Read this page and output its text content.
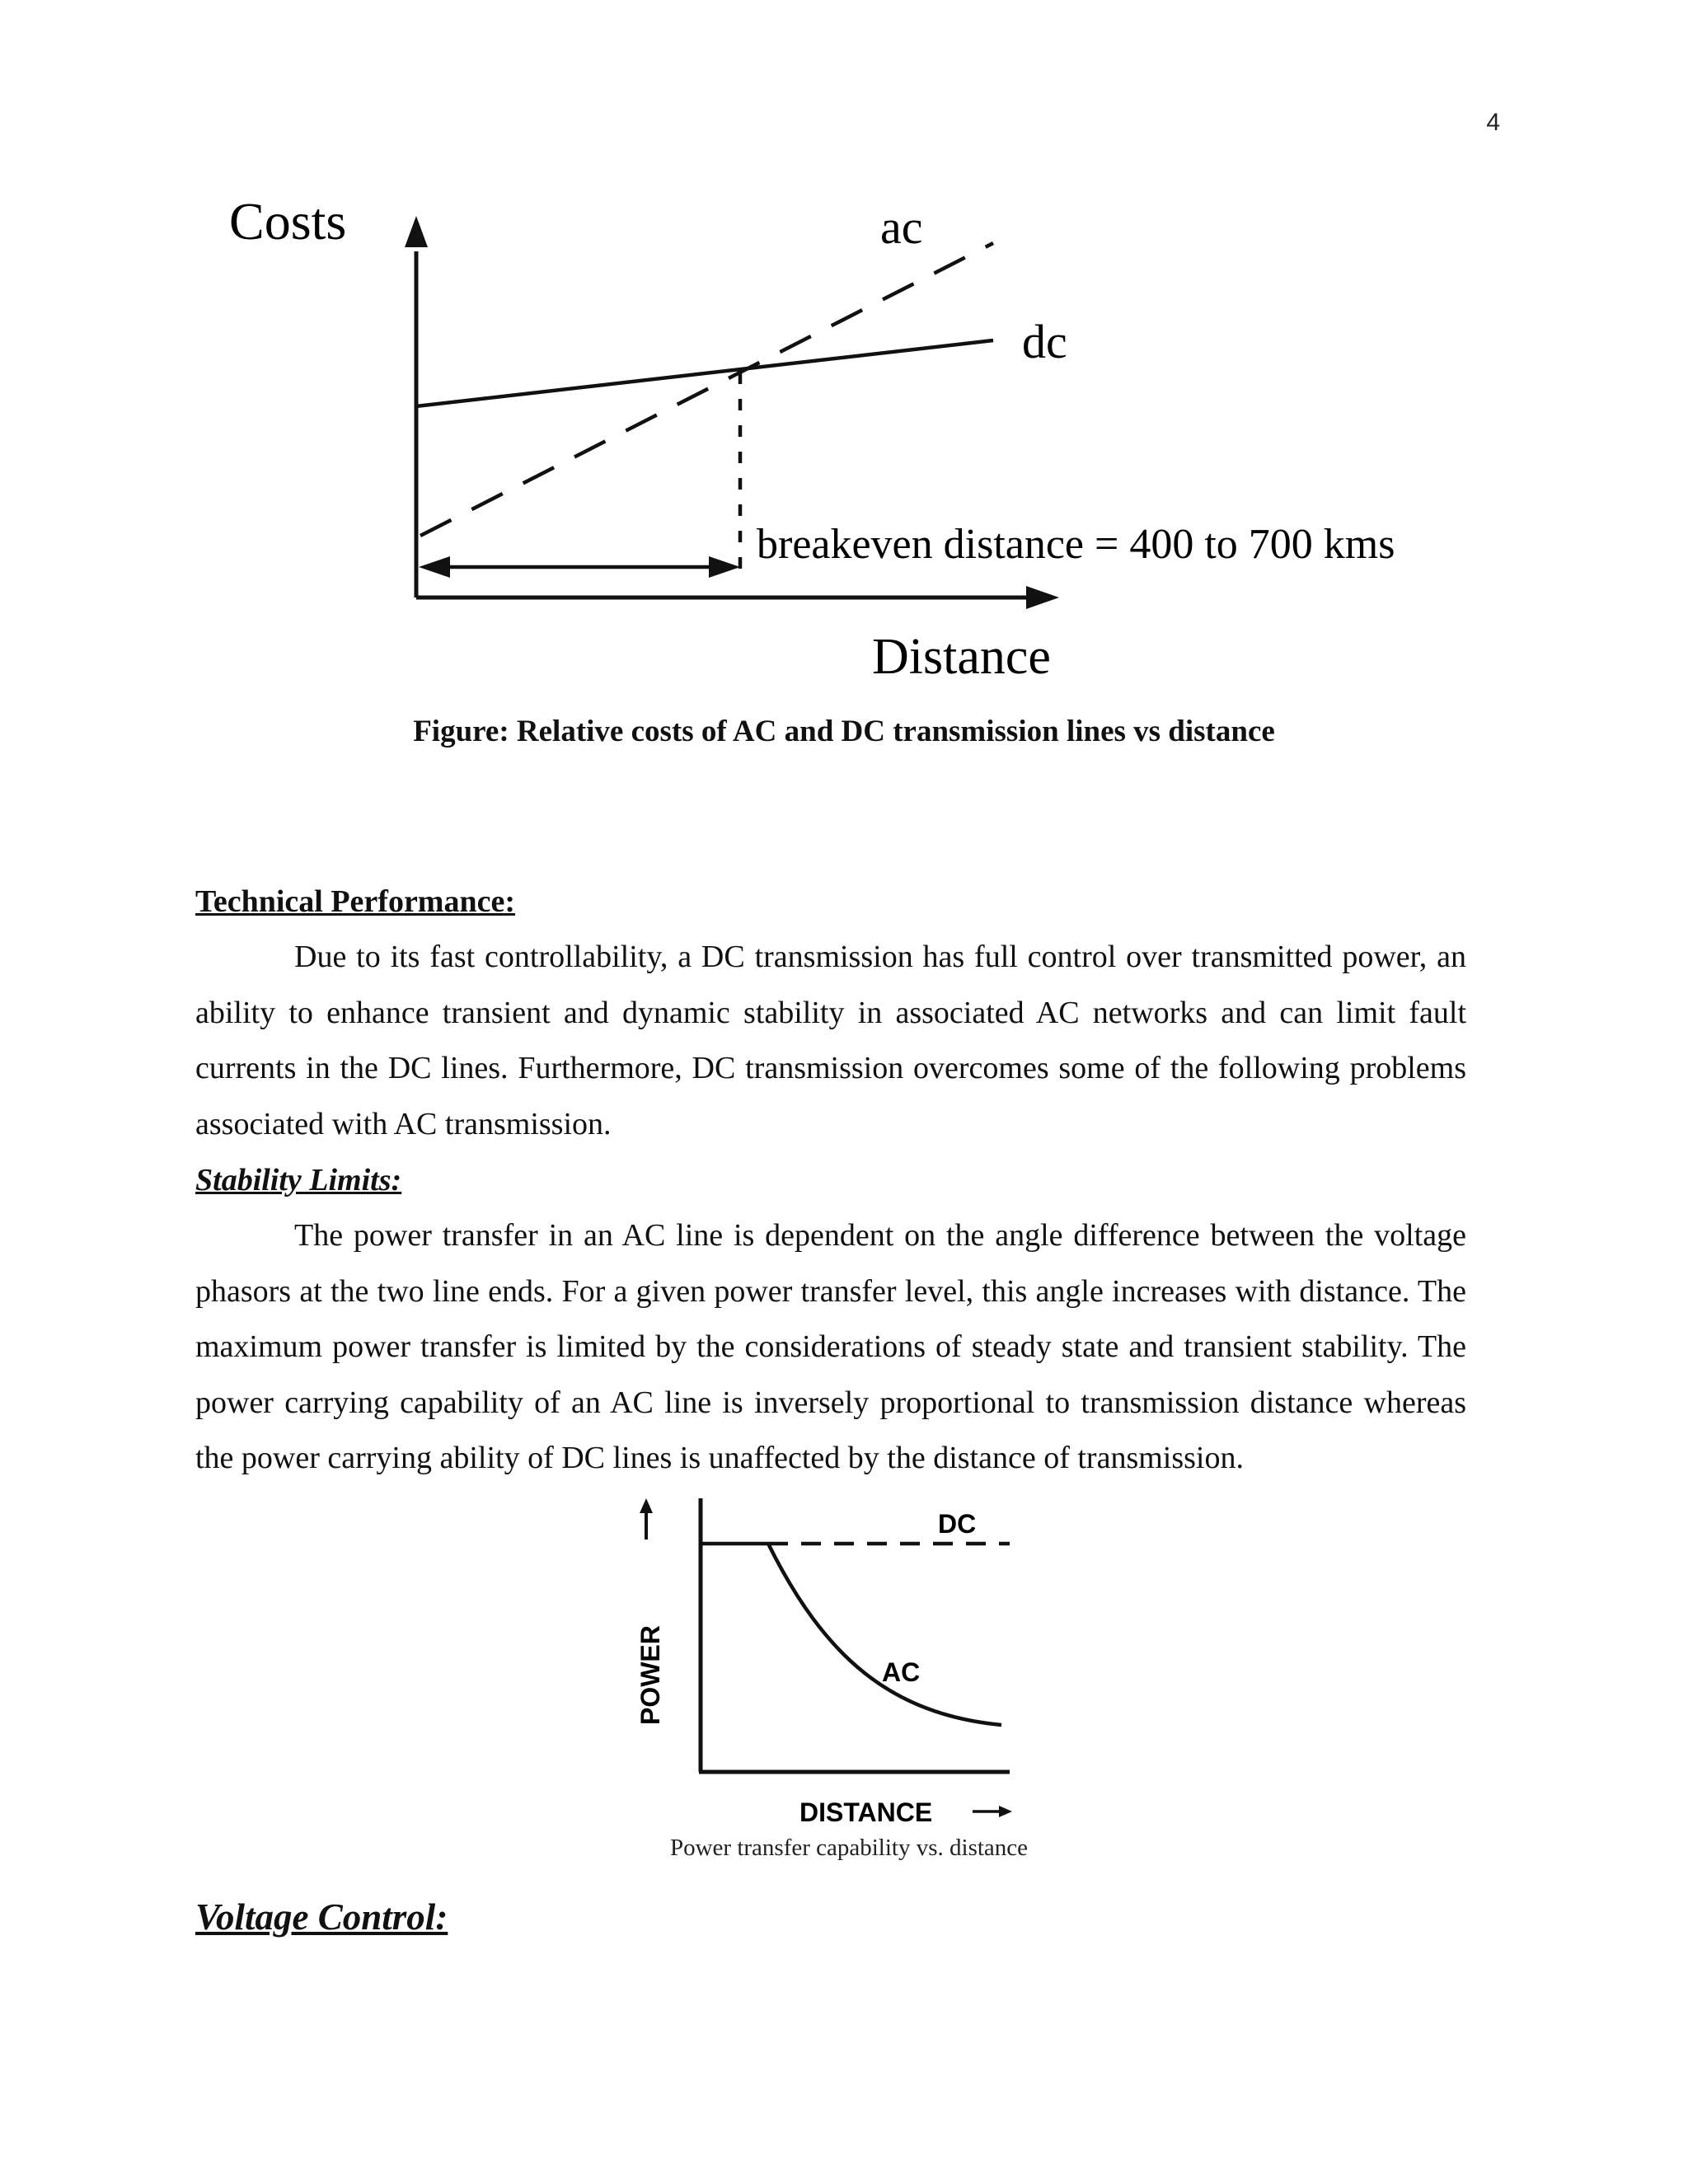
4
Costs
Distance
ac
dc
breakeven distance = 400 to 700 kms
Figure: Relative costs of AC and DC transmission lines vs distance
Technical Performance:

Due to its fast controllability, a DC transmission has full control over transmitted power, an ability to enhance transient and dynamic stability in associated AC networks and can limit fault currents in the DC lines. Furthermore, DC transmission overcomes some of the following problems associated with AC transmission.

Stability Limits:

The power transfer in an AC line is dependent on the angle difference between the voltage phasors at the two line ends. For a given power transfer level, this angle increases with distance. The maximum power transfer is limited by the considerations of steady state and transient stability. The power carrying capability of an AC line is inversely proportional to transmission distance whereas the power carrying ability of DC lines is unaffected by the distance of transmission.

DC
AC
POWER
DISTANCE
Power transfer capability vs. distance
Voltage Control:
